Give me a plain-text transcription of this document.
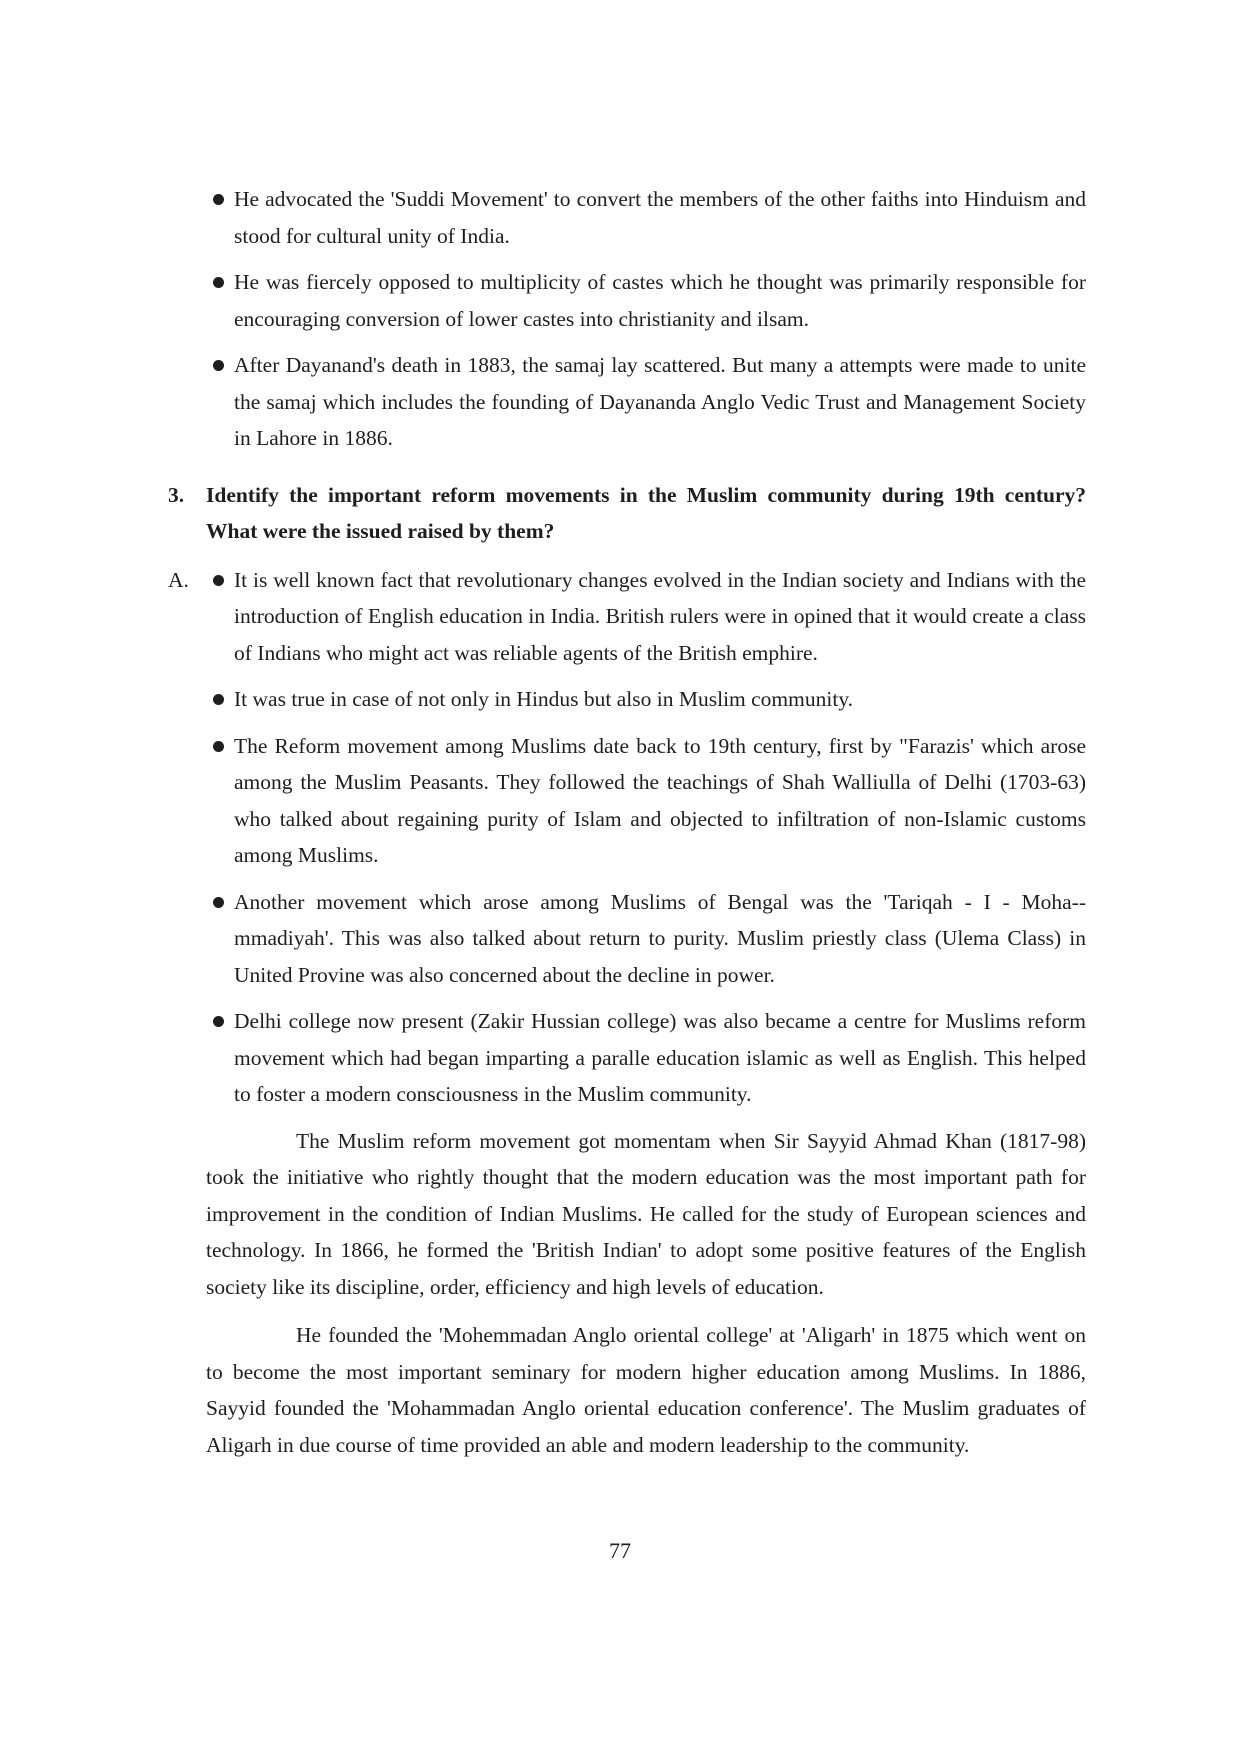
He advocated the 'Suddi Movement' to convert the members of the other faiths into Hinduism and stood for cultural unity of India.
He was fiercely opposed to multiplicity of castes which he thought was primarily responsible for encouraging conversion of lower castes into christianity and ilsam.
After Dayanand's death in 1883, the samaj lay scattered. But many a attempts were made to unite the samaj which includes the founding of Dayananda Anglo Vedic Trust and Management Society in Lahore in 1886.
3. Identify the important reform movements in the Muslim community during 19th century? What were the issued raised by them?
A. It is well known fact that revolutionary changes evolved in the Indian society and Indians with the introduction of English education in India. British rulers were in opined that it would create a class of Indians who might act was reliable agents of the British emphire.
It was true in case of not only in Hindus but also in Muslim community.
The Reform movement among Muslims date back to 19th century, first by "Farazis' which arose among the Muslim Peasants. They followed the teachings of Shah Walliulla of Delhi (1703-63) who talked about regaining purity of Islam and objected to infiltration of non-Islamic customs among Muslims.
Another movement which arose among Muslims of Bengal was the 'Tariqah - I - Moha--mmadiyah'. This was also talked about return to purity. Muslim priestly class (Ulema Class) in United Provine was also concerned about the decline in power.
Delhi college now present (Zakir Hussian college) was also became a centre for Muslims reform movement which had began imparting a paralle education islamic as well as English. This helped to foster a modern consciousness in the Muslim community.

The Muslim reform movement got momentam when Sir Sayyid Ahmad Khan (1817-98) took the initiative who rightly thought that the modern education was the most important path for improvement in the condition of Indian Muslims. He called for the study of European sciences and technology. In 1866, he formed the 'British Indian' to adopt some positive features of the English society like its discipline, order, efficiency and high levels of education.

He founded the 'Mohemmadan Anglo oriental college' at 'Aligarh' in 1875 which went on to become the most important seminary for modern higher education among Muslims. In 1886, Sayyid founded the 'Mohammadan Anglo oriental education conference'. The Muslim graduates of Aligarh in due course of time provided an able and modern leadership to the community.

77
